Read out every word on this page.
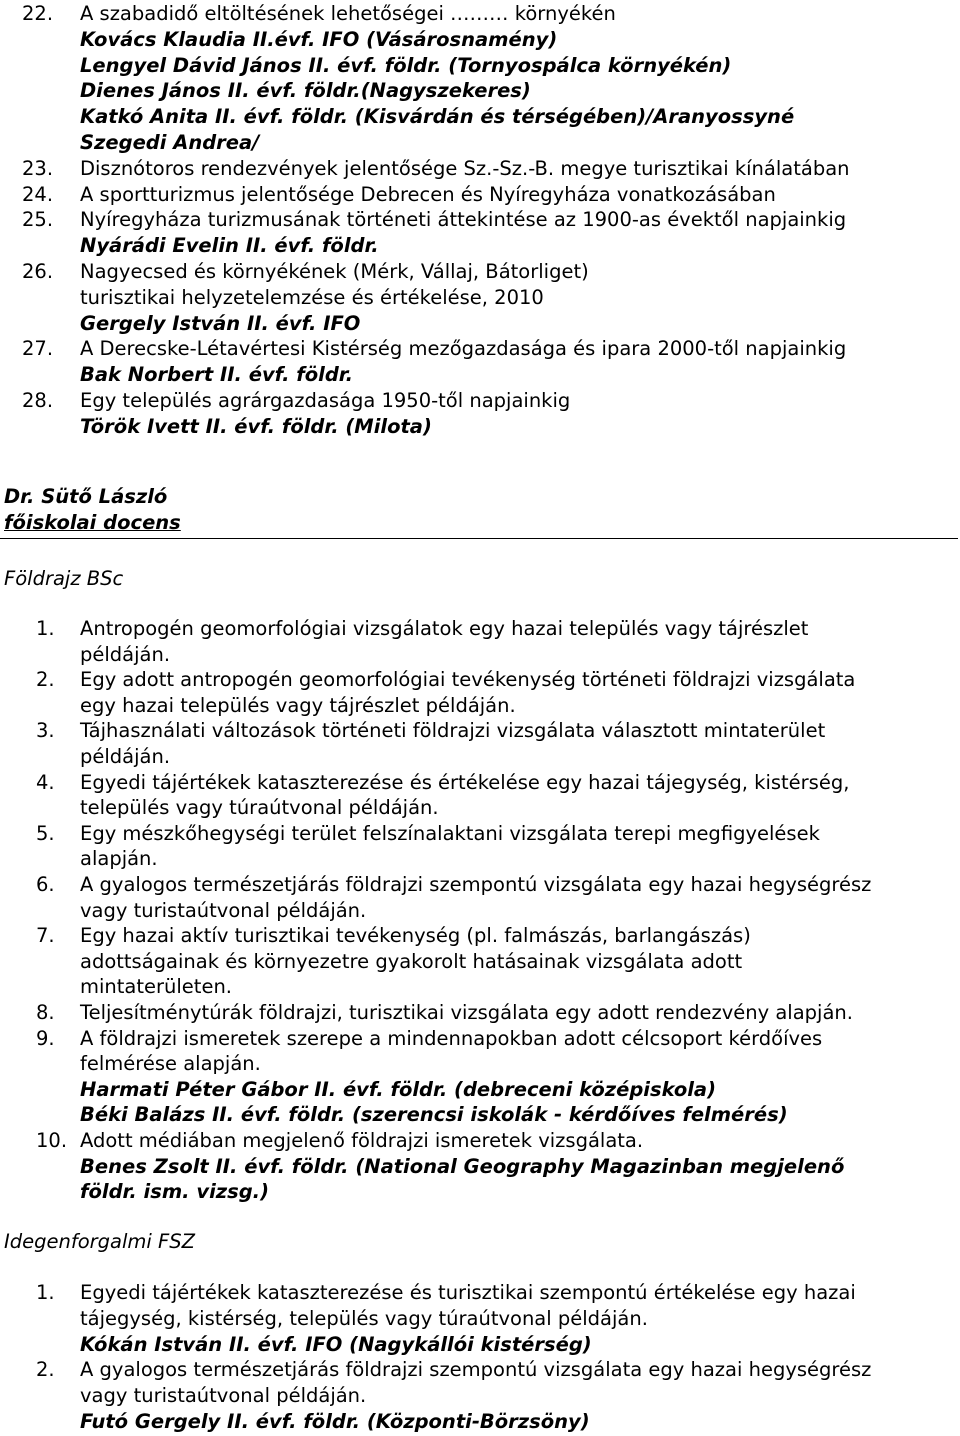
22. A szabadidő eltöltésének lehetőségei ……… környékén
Kovács Klaudia II.évf. IFO (Vásárosnamény)
Lengyel Dávid János II. évf. földr. (Tornyospálca környékén)
Dienes János II. évf. földr.(Nagyszekeres)
Katkó Anita II. évf. földr. (Kisvárdán és térségében)/Aranyossyné
Szegedi Andrea/
23. Disznótoros rendezvények jelentősége Sz.-Sz.-B. megye turisztikai kínálatában
24. A sportturizmus jelentősége Debrecen és Nyíregyháza vonatkozásában
25. Nyíregyháza turizmusának történeti áttekintése az 1900-as évektől napjainkig
Nyárádi Evelin II. évf. földr.
26. Nagyecsed és környékének (Mérk, Vállaj, Bátorliget)
turisztikai helyzetelemzése és értékelése, 2010
Gergely István II. évf. IFO
27. A Derecske-Létavértesi Kistérség mezőgazdasága és ipara 2000-től napjainkig
Bak Norbert II. évf. földr.
28. Egy település agrárgazdasága 1950-től napjainkig
Török Ivett II. évf. földr. (Milota)
Dr. Sütő László
főiskolai docens
Földrajz BSc
1. Antropogén geomorfológiai vizsgálatok egy hazai település vagy tájrészlet
példáján.
2. Egy adott antropogén geomorfológiai tevékenység történeti földrajzi vizsgálata
egy hazai település vagy tájrészlet példáján.
3. Tájhasználati változások történeti földrajzi vizsgálata választott mintaterület
példáján.
4. Egyedi tájértékek kataszterezése és értékelése egy hazai tájegység, kistérség,
település vagy túraútvonal példáján.
5. Egy mészkőhegységi terület felszínalaktani vizsgálata terepi megfigyelések
alapján.
6. A gyalogos természetjárás földrajzi szempontú vizsgálata egy hazai hegységrész
vagy turistaútvonal példáján.
7. Egy hazai aktív turisztikai tevékenység (pl. falmászás, barlangászás)
adottságainak és környezetre gyakorolt hatásainak vizsgálata adott
mintaterületen.
8. Teljesítménytúrák földrajzi, turisztikai vizsgálata egy adott rendezvény alapján.
9. A földrajzi ismeretek szerepe a mindennapokban adott célcsoport kérdőíves
felmérése alapján.
Harmati Péter Gábor II. évf. földr. (debreceni középiskola)
Béki Balázs II. évf. földr. (szerencsi iskolák - kérdőíves felmérés)
10. Adott médiában megjelenő földrajzi ismeretek vizsgálata.
Benes Zsolt II. évf. földr. (National Geography Magazinban megjelenő
földr. ism. vizsg.)
Idegenforgalmi FSZ
1. Egyedi tájértékek kataszterezése és turisztikai szempontú értékelése egy hazai
tájegység, kistérség, település vagy túraútvonal példáján.
Kókán István II. évf. IFO (Nagykállói kistérség)
2. A gyalogos természetjárás földrajzi szempontú vizsgálata egy hazai hegységrész
vagy turistaútvonal példáján.
Futó Gergely II. évf. földr. (Központi-Börzsöny)
